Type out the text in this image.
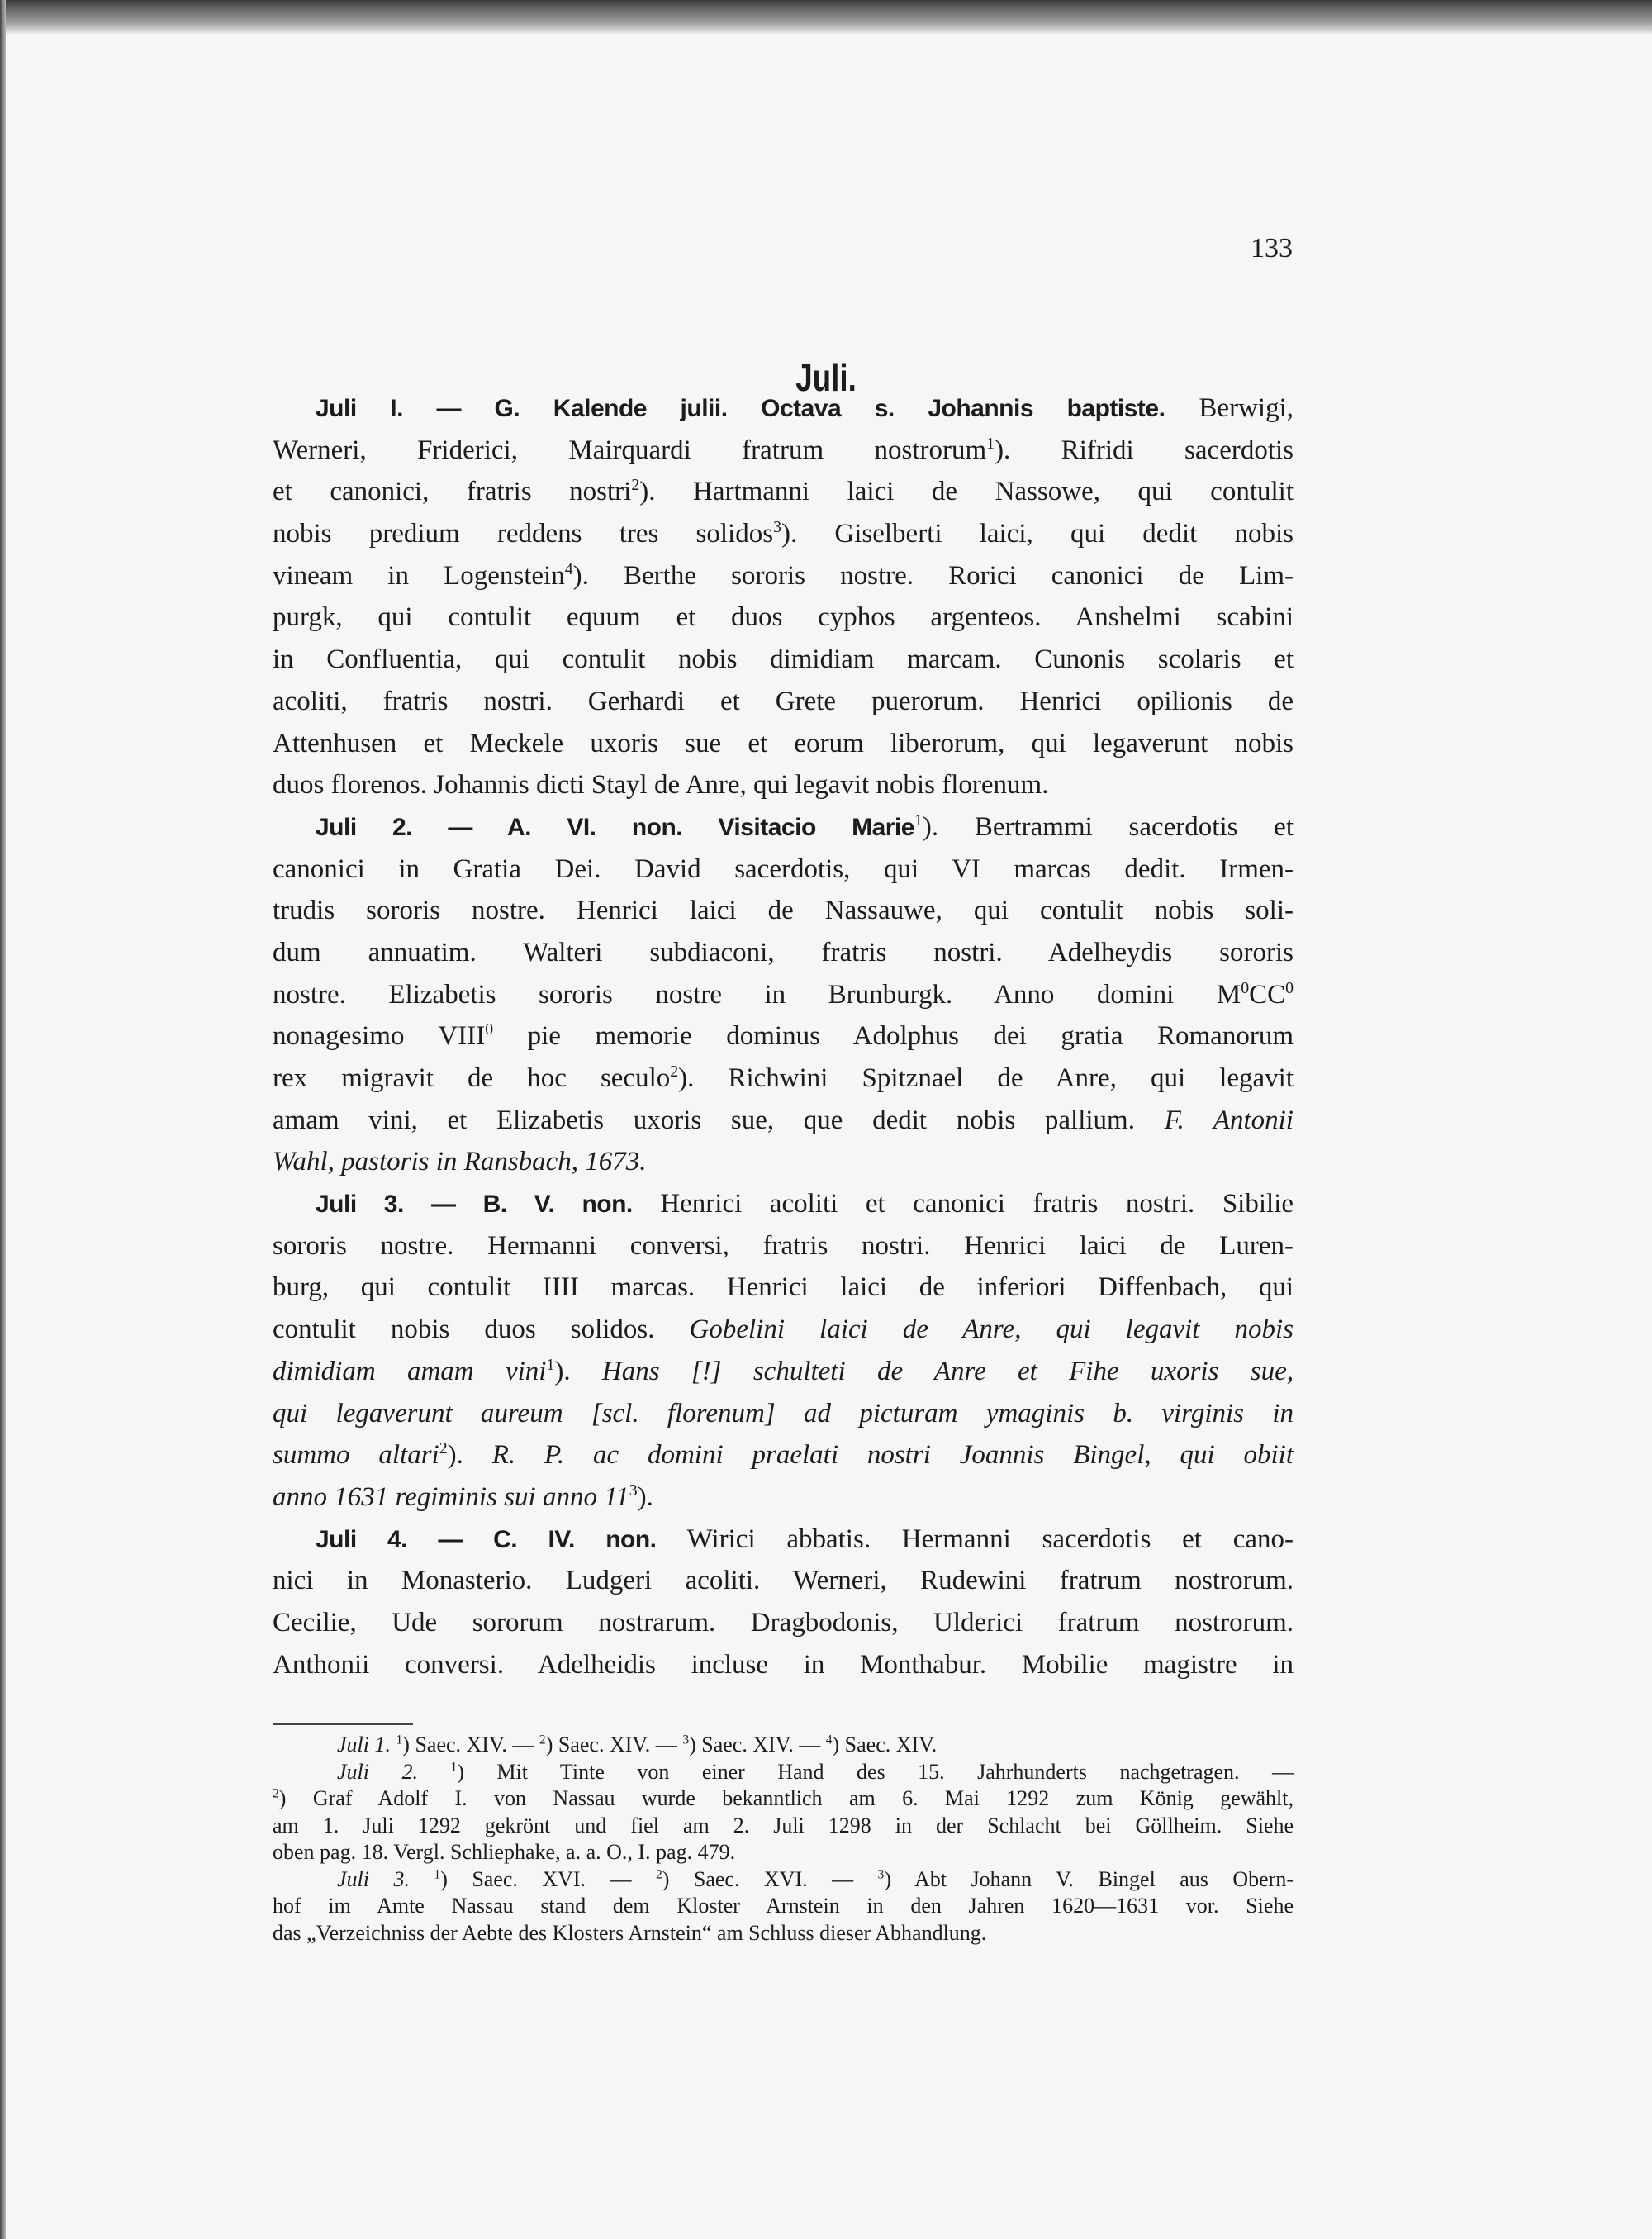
133
Juli.
Juli I. — G. Kalende julii. Octava s. Johannis baptiste. Berwigi,
Werneri, Friderici, Mairquardi fratrum nostrorum$^1$). Rifridi sacerdotis
et canonici, fratris nostri$^2$). Hartmanni laici de Nassowe, qui contulit
nobis predium reddens tres solidos$^3$). Giselberti laici, qui dedit nobis
vineam in Logenstein$^4$). Berthe sororis nostre. Rorici canonici de Lim-
purgk, qui contulit equum et duos cyphos argenteos. Anshelmi scabini
in Confluentia, qui contulit nobis dimidiam marcam. Cunonis scolaris et
acoliti, fratris nostri. Gerhardi et Grete puerorum. Henrici opilionis de
Attenhusen et Meckele uxoris sue et eorum liberorum, qui legaverunt nobis
duos florenos. Johannis dicti Stayl de Anre, qui legavit nobis florenum.
Juli 2. — A. VI. non. Visitacio Marie$^1$). Bertrammi sacerdotis et
canonici in Gratia Dei. David sacerdotis, qui VI marcas dedit. Irmen-
trudis sororis nostre. Henrici laici de Nassauwe, qui contulit nobis soli-
dum annuatim. Walteri subdiaconi, fratris nostri. Adelheydis sororis
nostre. Elizabetis sororis nostre in Brunburgk. Anno domini $M^0CC^0$
nonagesimo VIII$^0$ pie memorie dominus Adolphus dei gratia Romanorum
rex migravit de hoc seculo$^2$). Richwini Spitznael de Anre, qui legavit
amam vini, et Elizabetis uxoris sue, que dedit nobis pallium. F. Antonii
Wahl, pastoris in Ransbach, 1673.
Juli 3. — B. V. non. Henrici acoliti et canonici fratris nostri. Sibilie
sororis nostre. Hermanni conversi, fratris nostri. Henrici laici de Luren-
burg, qui contulit IIII marcas. Henrici laici de inferiori Diffenbach, qui
contulit nobis duos solidos. Gobelini laici de Anre, qui legavit nobis
dimidiam amam vini$^1$). Hans [!] schulteti de Anre et Fihe uxoris sue,
qui legaverunt aureum [scl. florenum] ad picturam ymaginis b. virginis in
summo altari$^2$). R. P. ac domini praelati nostri Joannis Bingel, qui obiit
anno 1631 regiminis sui anno $11^3$).
Juli 4. — C. IV. non. Wirici abbatis. Hermanni sacerdotis et cano-
nici in Monasterio. Ludgeri acoliti. Werneri, Rudewini fratrum nostrorum.
Cecilie, Ude sororum nostrarum. Dragbodonis, Ulderici fratrum nostrorum.
Anthonii conversi. Adelheidis incluse in Monthabur. Mobilie magistre in
Juli 1. $^1$) Saec. XIV. — $^2$) Saec. XIV. — $^3$) Saec. XIV. — $^4$) Saec. XIV.
Juli 2.	$^1$) Mit Tinte von einer Hand des 15. Jahrhunderts nachgetragen. —
$^2$) Graf Adolf I. von Nassau wurde bekanntlich am 6. Mai 1292 zum König gewählt,
am 1. Juli 1292 gekrönt und fiel am 2. Juli 1298 in der Schlacht bei Göllheim. Siehe
oben pag. 18. Vergl. Schliephake, a. a. O., I. pag. 479.
Juli 3. $^1$) Saec. XVI. — $^2$) Saec. XVI. — $^3$) Abt Johann V. Bingel aus Obern-
hof im Amte Nassau stand dem Kloster Arnstein in den Jahren 1620—1631 vor. Siehe
das „Verzeichniss der Aebte des Klosters Arnstein“ am Schluss dieser Abhandlung.
